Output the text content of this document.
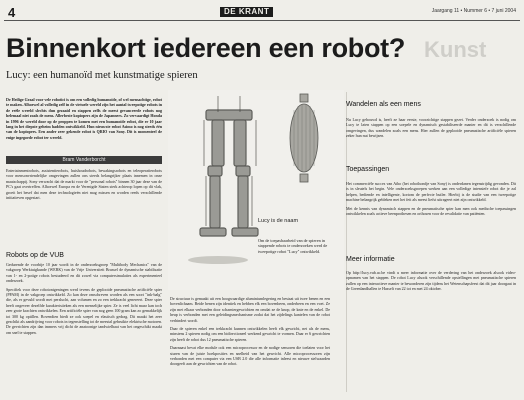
4	DE KRANT	Jaargang 11 • Nummer 6 • 7 juni 2004
Binnenkort iedereen een robot? Kunst
Lucy: een humanoïd met kunstmatige spieren

De Heilige Graal voor vele robotici is om een volledig humanoïde, of wel mensachtige, robot te maken. Alhoewel al volledig zelf in de virtuele wereld zijn het aantal tweepotige robots in de reële wereld slechts dun gezaaid en stappen zelfs de meest gevanceerde robots nog helemaal niet zoals de mens. Allerbeste kopiopers zijn de Japanners. Zo vervaardigt Honda in 1996 de wereld door op de proppen te komen met een humanoïde robot, die er 10 jaar lang in het diepste geheim hadden ontwikkeld. Hun nieuwste robot Asimo is nog steeds één van de kopiopers. Een ander zeer gekende robot is QRIO van Sony. Dit is momenteel de enige ingegoede robot ter wereld.

Bram Vanderborcht

Entertainmentrobots, assistentierobots, huishoudrobots, bewakingsrobots en teleoperatierobots voor mensonvriendelijke omgevingen zullen ons steeds belangrijker plaats innemen in onze maatschappij. Sony verwacht dat de markt voor de "personal robots" binnen 30 jaar deze van de PC's gaat overtreffen. Alhoewel Europa en de Verenigde Staten sterk achterop lopen op dit vlak, groeit het besef dat men deze technologieën niet mag missen en worden reeds verschillende initiatieven opgestart.

Robots op de VUB

Gedurende de voorbije 10 jaar wordt in de onderzoeksgroep "Multibody Mechanics" van de vakgroep Werktuigkunde (WERK) van de Vrije Universiteit Brussel de dynamische stabilisatie van 1- en 2-potige robots bestudeerd en dit zowel via computersimulaties als experimenteel onderzoek.

Specifiek voor deze robotontgeningen werd tevens de geplooide pneumatische artificiële spier (PPAM) in de vakgroep ontwikkeld. Zo kan deze omschreven worden als een soort "ink-balg" die, als er gevuld wordt met perslucht, aan volumen en zo een trekkracht genereert. Deze spier heeft ongeveer dezelfde karakteristieken als een menselijke spier. Ze is veel licht maar kan toch zeer grote krachten ontwikkelen. Een artificiële spier van nog geen 100 gram kan zo gemakkelijk tot 300 kg optillen. Bovendien biedt ze ook soepel en elastisch gedrag. Dit maakt het zeer geschikt als aandrijving voor robots in tegenstelling tot de meestal gebruikte elektrische motoren. De gevrichten zijn dan immers vrij dicht de anatoonige tandwielbaat van het ongeschikt maakt om snel te stappen.

Lucy is de naam
Om de toepasbaarheid van de spieren in stappende robots te onderzoeken werd de tweepotige robot "Lucy" ontwikkeld.

De structuur is gemaakt uit een hoogwaardige aluminiumlegering en bestaat uit twee benen en een bovenlichaam. Beide benen zijn identiek en hebben elk een bovenbeen, onderbeen en een voet. Ze zijn met elkaar verbonden door scharniergewrichten en omdat ze de knop, de knie en de enkel. De heup is verbonden met een geleidingsmechanisme zodat dat het zijdelings kantelen van de robot verhindert wordt.

Daar de spieren enkel een trekkracht kunnen ontwikkelen heeft elk gewricht, net als de mens, minstens 2 spieren nodig om een bidirectioneel werkend gewricht te vormen. Daar er 6 gewrichten zijn heeft de robot dus 12 pneumatische spieren.

Daarnaast bevat elke module ook een microprocessor en de nodige sensoren die toelaten voor het sturen van de juiste hoekposities en snelheid van het gewricht. Alle microprocessoren zijn verbonden met een computer via een USB 2.0 die alle informatie inleest en nieuwe stelwaarden doorgeeft aan de gewrichten van de robot.

Wandelen als een mens

Nu Lucy gebouwd is, heeft ze haar eerste, voorzichtige stappen gezet. Verder onderzoek is nodig om Lucy te laten stappen op een soepele en dynamisch gestabiliseerde manier en dit is verschillende omgevingen, dus wandelen zoals een mens. Hier zullen de geplooide pneumatische artificiële spieren zeker hun nut bewijzen.

Toepassingen

Het commerciële succes van Aibo (het robothondje van Sony) is onderdanen tegenstrijdig gevonden. Dit is in sleutels het begin. Vele onderzoeksgroepen werken aan een volledige intensiefe robot die je zal helpen, bediende en intelligente, kortom de perfecte butler. Hierbij is de studie van een tweepotige machine belangrijk gebleken met het feit als meest liefst uitrageert niet zijn ontwikkeld.

Met de kennis van dynamisch stappen en de pneumatische spier kan men ook medische toepassingen ontwikkelen zoals actieve beenprothesen en orthosen voor de revalidatie van patiënten.

Meer informatie

Op http://lucy.vub.ac.be vindt u meer informatie over de verdering van het onderzoek alsook video-opnamen van het stappen. De robot Lucy alsook verschillende opstellingen met pneumatische spieren zullen op een interactieve manier te bewonderen zijn tijdens het Wetenschapsfeest dat dit jaar doorgaat in de Greenlandhallen te Hasselt van 22 tot en met 24 oktober.
